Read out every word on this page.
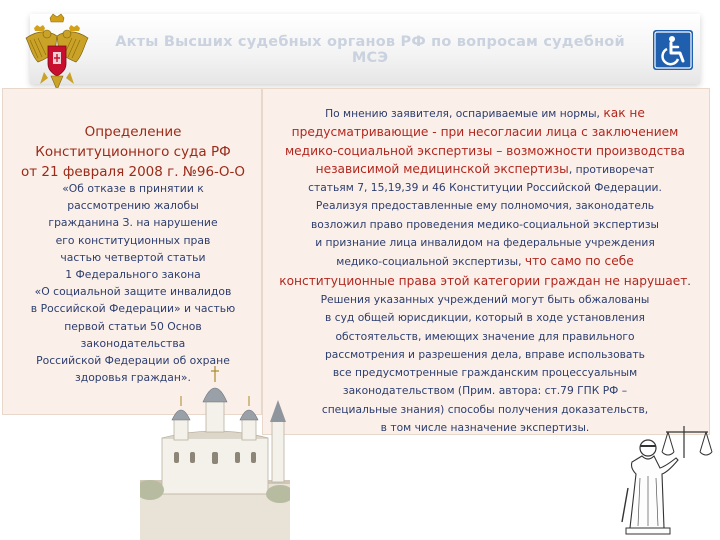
Акты Высших судебных органов РФ по вопросам судебной МСЭ
Определение
Конституционного суда РФ
от 21 февраля 2008 г. №96-О-О
«Об отказе в принятии к
рассмотрению жалобы
гражданина З. на нарушение
его конституционных прав
частью четвертой статьи
1 Федерального закона
«О социальной защите инвалидов
в Российской Федерации» и частью
первой статьи 50 Основ
законодательства
Российской Федерации об охране
здоровья граждан».
По мнению заявителя, оспариваемые им нормы, как не
предусматривающие - при несогласии лица с заключением
медико-социальной экспертизы – возможности производства
независимой медицинской экспертизы, противоречат
статьям 7, 15,19,39 и 46 Конституции Российской Федерации.
Реализуя предоставленные ему полномочия, законодатель
возложил право проведения медико-социальной экспертизы
и признание лица инвалидом на федеральные учреждения
медико-социальной экспертизы, что само по себе
конституционные права этой категории граждан не нарушает.
Решения указанных учреждений могут быть обжалованы
в суд общей юрисдикции, который в ходе установления
обстоятельств, имеющих значение для правильного
рассмотрения и разрешения дела, вправе использовать
все предусмотренные гражданским процессуальным
законодательством (Прим. автора: ст.79 ГПК РФ –
специальные знания) способы получения доказательств,
в том числе назначение экспертизы.
